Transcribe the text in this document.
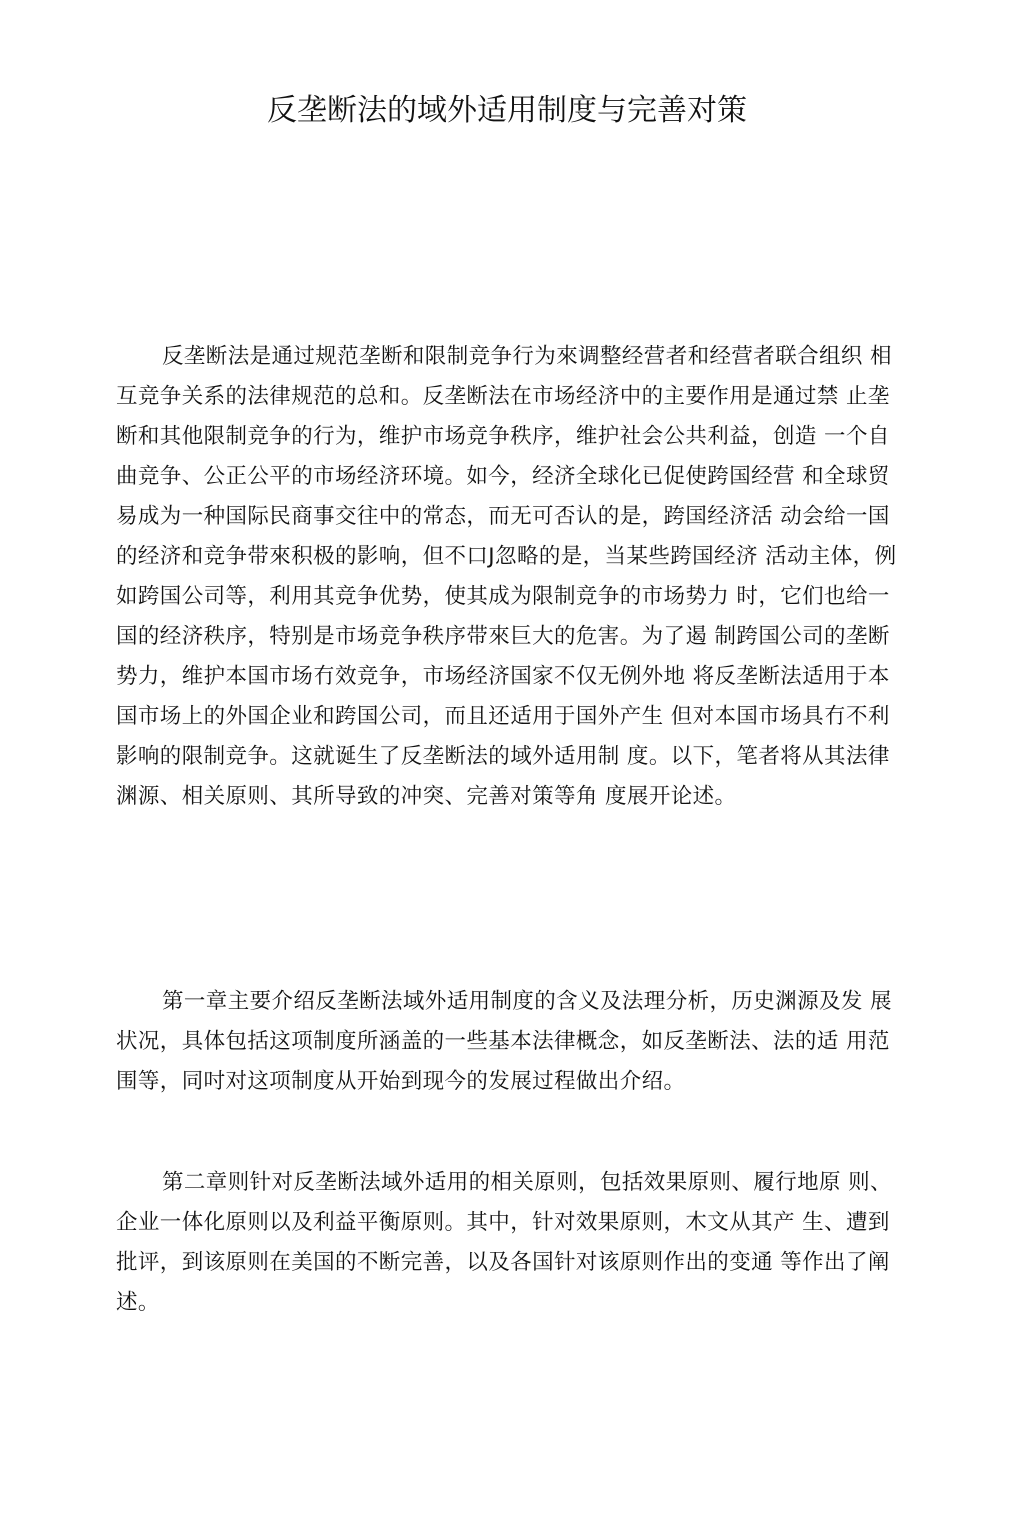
反垄断法的域外适用制度与完善对策

反垄断法是通过规范垄断和限制竞争行为來调整经营者和经营者联合组织 相
互竞争关系的法律规范的总和。反垄断法在市场经济中的主要作用是通过禁 止垄
断和其他限制竞争的行为，维护市场竞争秩序，维护社会公共利益，创造 一个自
曲竞争、公正公平的市场经济环境。如今，经济全球化已促使跨国经营 和全球贸
易成为一种国际民商事交往中的常态，而无可否认的是，跨国经济活 动会给一国
的经济和竞争带來积极的影响，但不口J忽略的是，当某些跨国经济 活动主体，例
如跨国公司等，利用其竞争优势，使其成为限制竞争的市场势力 时，它们也给一
国的经济秩序，特别是市场竞争秩序带來巨大的危害。为了遏 制跨国公司的垄断
势力，维护本国市场冇效竞争，市场经济国家不仅无例外地 将反垄断法适用于本
国市场上的外国企业和跨国公司，而且还适用于国外产生 但对本国市场具冇不利
影响的限制竞争。这就诞生了反垄断法的域外适用制 度。以下，笔者将从其法律
渊源、相关原则、其所导致的冲突、完善对策等角 度展开论述。

第一章主要介绍反垄断法域外适用制度的含义及法理分析，历史渊源及发 展
状况，具体包括这项制度所涵盖的一些基本法律概念，如反垄断法、法的适 用范
围等，同吋对这项制度从开始到现今的发展过程做出介绍。

第二章则针对反垄断法域外适用的相关原则，包括效果原则、履行地原 则、
企业一体化原则以及利益平衡原则。其中，针对效果原则，木文从其产 生、遭到
批评，到该原则在美国的不断完善，以及各国针对该原则作出的变通 等作出了阐
述。
